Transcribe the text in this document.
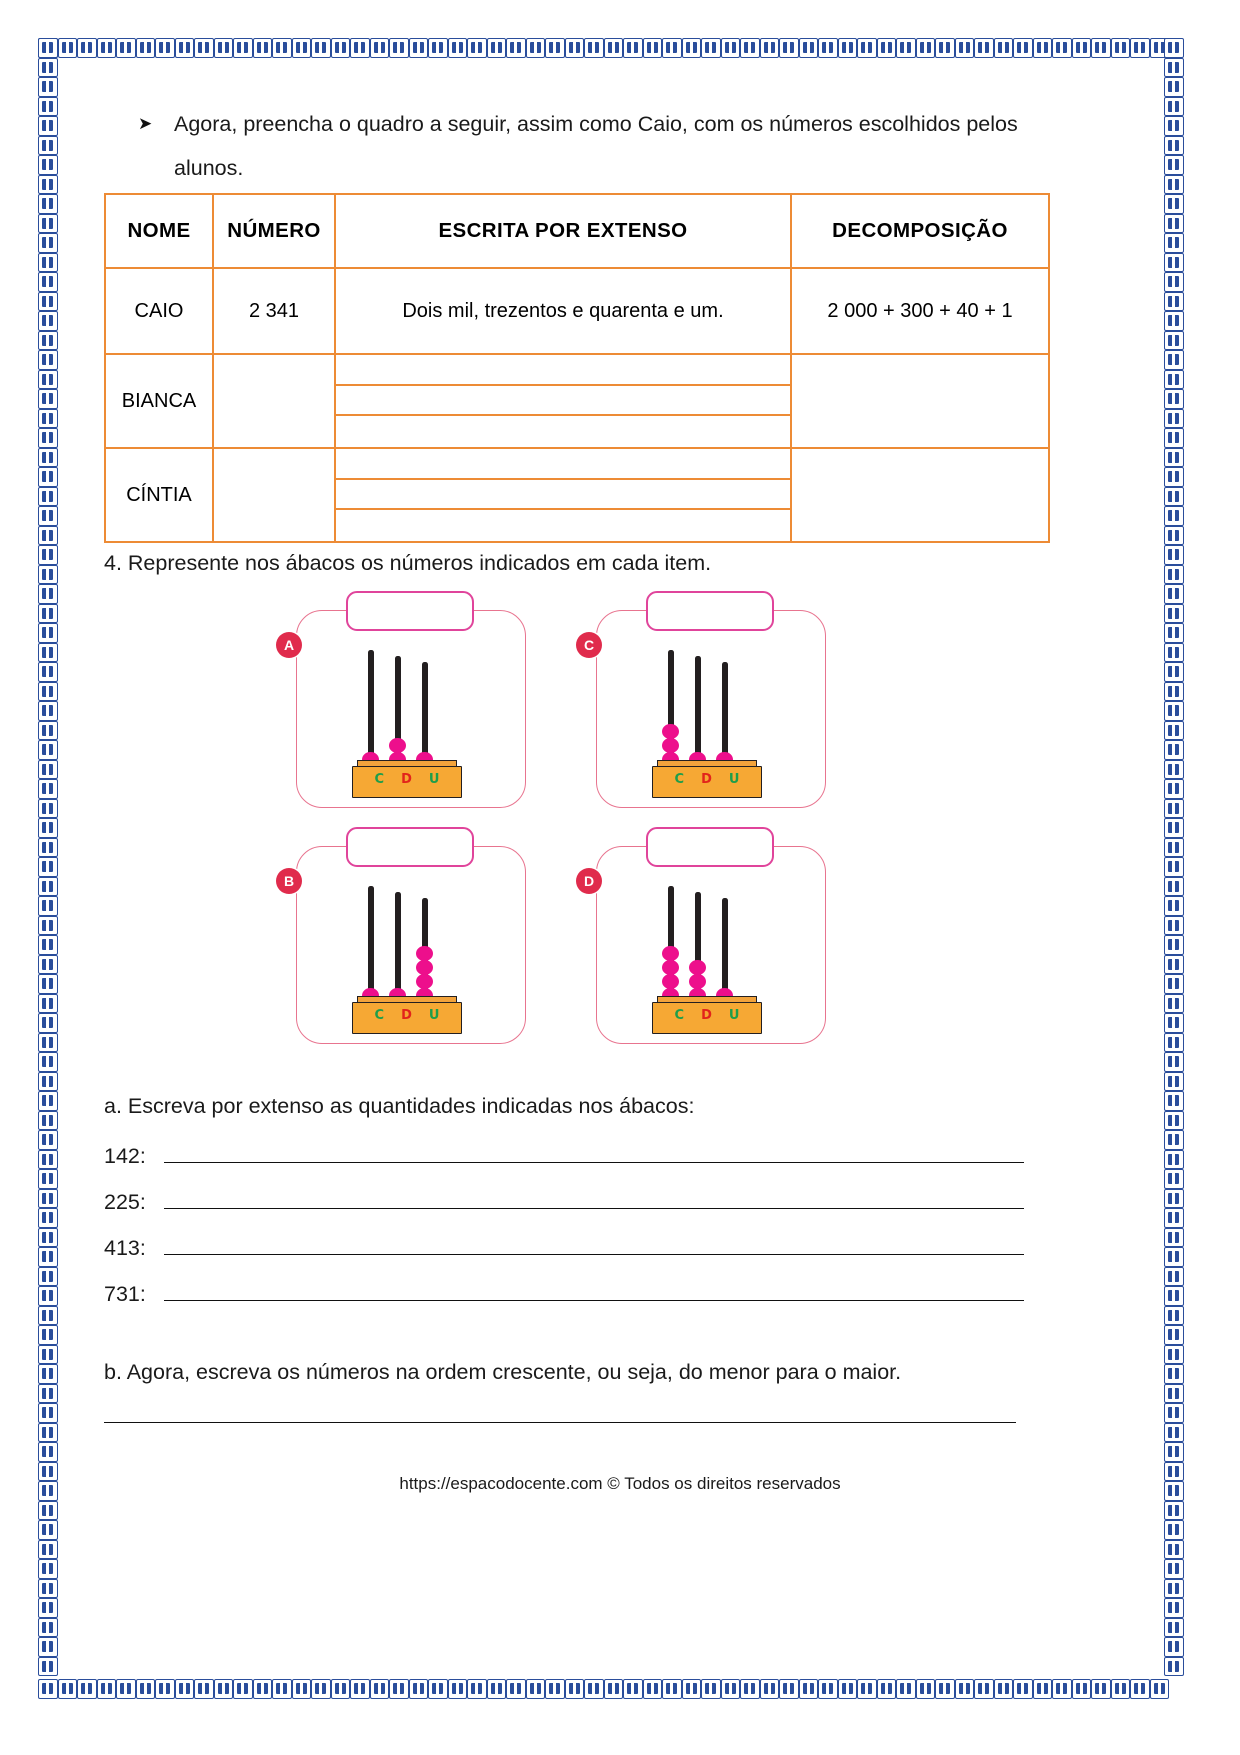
➤ Agora, preencha o quadro a seguir, assim como Caio, com os números escolhidos pelos alunos.
NOME	NÚMERO	ESCRITA POR EXTENSO	DECOMPOSIÇÃO
CAIO	2 341	Dois mil, trezentos e quarenta e um.	2 000 + 300 + 40 + 1
BIANCA		

CÍNTIA		

4. Represente nos ábacos os números indicados em cada item.
A
C D U
C
C D U
B
C D U
D
C D U
a. Escreva por extenso as quantidades indicadas nos ábacos:
142:
225:
413:
731:
b. Agora, escreva os números na ordem crescente, ou seja, do menor para o maior.
https://espacodocente.com © Todos os direitos reservados
